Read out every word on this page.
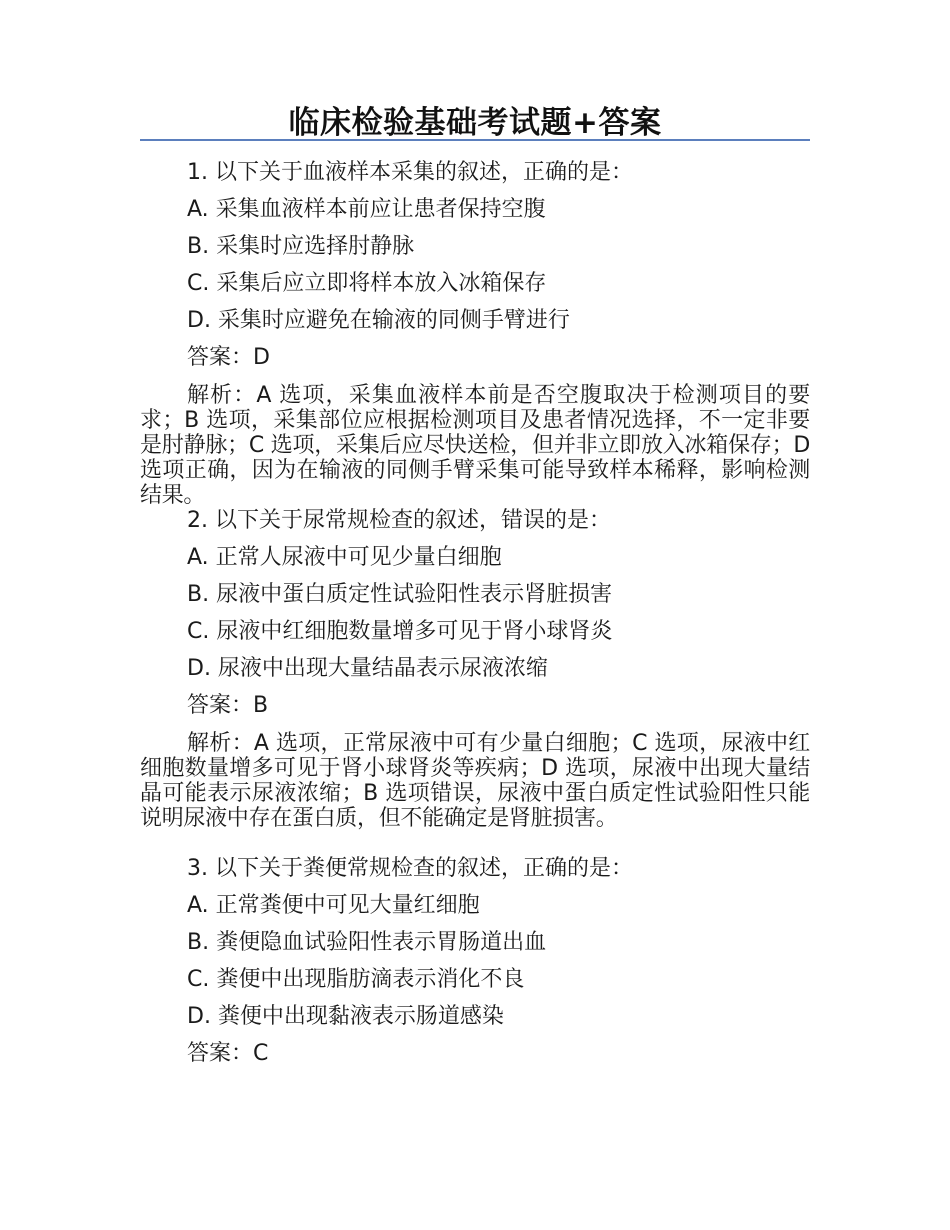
临床检验基础考试题+答案
1. 以下关于血液样本采集的叙述，正确的是：
A. 采集血液样本前应让患者保持空腹
B. 采集时应选择肘静脉
C. 采集后应立即将样本放入冰箱保存
D. 采集时应避免在输液的同侧手臂进行
答案：D
解析：A 选项，采集血液样本前是否空腹取决于检测项目的要求；B 选项，采集部位应根据检测项目及患者情况选择，不一定非要是肘静脉；C 选项，采集后应尽快送检，但并非立即放入冰箱保存；D 选项正确，因为在输液的同侧手臂采集可能导致样本稀释，影响检测结果。
2. 以下关于尿常规检查的叙述，错误的是：
A. 正常人尿液中可见少量白细胞
B. 尿液中蛋白质定性试验阳性表示肾脏损害
C. 尿液中红细胞数量增多可见于肾小球肾炎
D. 尿液中出现大量结晶表示尿液浓缩
答案：B
解析：A 选项，正常尿液中可有少量白细胞；C 选项，尿液中红细胞数量增多可见于肾小球肾炎等疾病；D 选项，尿液中出现大量结晶可能表示尿液浓缩；B 选项错误，尿液中蛋白质定性试验阳性只能说明尿液中存在蛋白质，但不能确定是肾脏损害。
3. 以下关于粪便常规检查的叙述，正确的是：
A. 正常粪便中可见大量红细胞
B. 粪便隐血试验阳性表示胃肠道出血
C. 粪便中出现脂肪滴表示消化不良
D. 粪便中出现黏液表示肠道感染
答案：C
